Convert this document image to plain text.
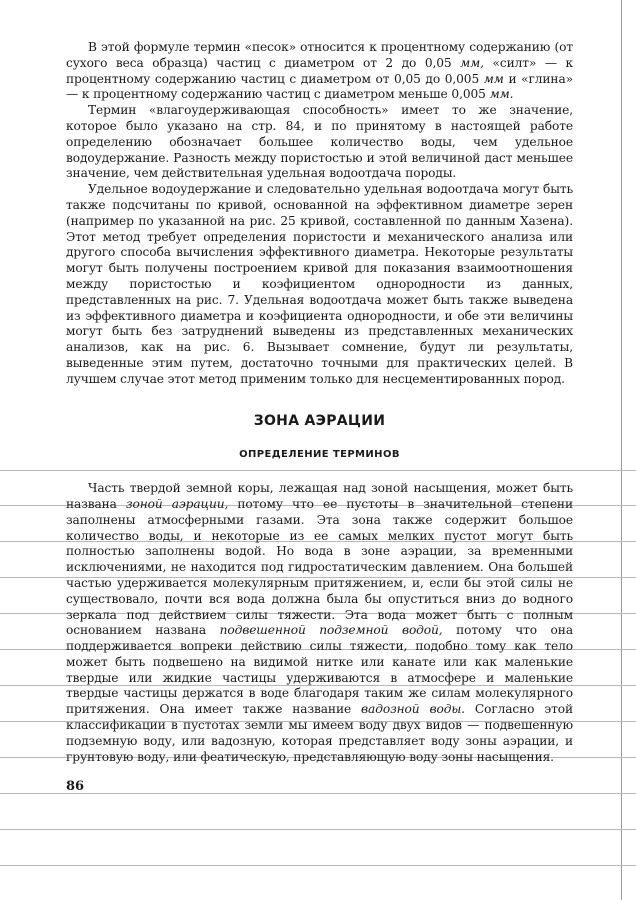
В этой формуле термин «песок» относится к процентному содержанию (от сухого веса образца) частиц с диаметром от 2 до 0,05 мм, «силт» — к процентному содержанию частиц с диаметром от 0,05 до 0,005 мм и «глина» — к процентному содержанию частиц с диаметром меньше 0,005 мм.

Термин «влагоудерживающая способность» имеет то же значение, которое было указано на стр. 84, и по принятому в настоящей работе определению обозначает большее количество воды, чем удельное водоудержание. Разность между пористостью и этой величиной даст меньшее значение, чем действительная удельная водоотдача породы.

Удельное водоудержание и следовательно удельная водоотдача могут быть также подсчитаны по кривой, основанной на эффективном диаметре зерен (например по указанной на рис. 25 кривой, составленной по данным Хазена). Этот метод требует определения пористости и механического анализа или другого способа вычисления эффективного диаметра. Некоторые результаты могут быть получены построением кривой для показания взаимоотношения между пористостью и коэфициентом однородности из данных, представленных на рис. 7. Удельная водоотдача может быть также выведена из эффективного диаметра и коэфициента однородности, и обе эти величины могут быть без затруднений выведены из представленных механических анализов, как на рис. 6. Вызывает сомнение, будут ли результаты, выведенные этим путем, достаточно точными для практических целей. В лучшем случае этот метод применим только для несцементированных пород.

ЗОНА АЭРАЦИИ
ОПРЕДЕЛЕНИЕ ТЕРМИНОВ

Часть твердой земной коры, лежащая над зоной насыщения, может быть названа зоной аэрации, потому что ее пустоты в значительной степени заполнены атмосферными газами. Эта зона также содержит большое количество воды, и некоторые из ее самых мелких пустот могут быть полностью заполнены водой. Но вода в зоне аэрации, за временными исключениями, не находится под гидростатическим давлением. Она большей частью удерживается молекулярным притяжением, и, если бы этой силы не существовало, почти вся вода должна была бы опуститься вниз до водного зеркала под действием силы тяжести. Эта вода может быть с полным основанием названа подвешенной подземной водой, потому что она поддерживается вопреки действию силы тяжести, подобно тому как тело может быть подвешено на видимой нитке или канате или как маленькие твердые или жидкие частицы удерживаются в атмосфере и маленькие твердые частицы держатся в воде благодаря таким же силам молекулярного притяжения. Она имеет также название вадозной воды. Согласно этой классификации в пустотах земли мы имеем воду двух видов — подвешенную подземную воду, или вадозную, которая представляет воду зоны аэрации, и грунтовую воду, или феатическую, представляющую воду зоны насыщения.

86
